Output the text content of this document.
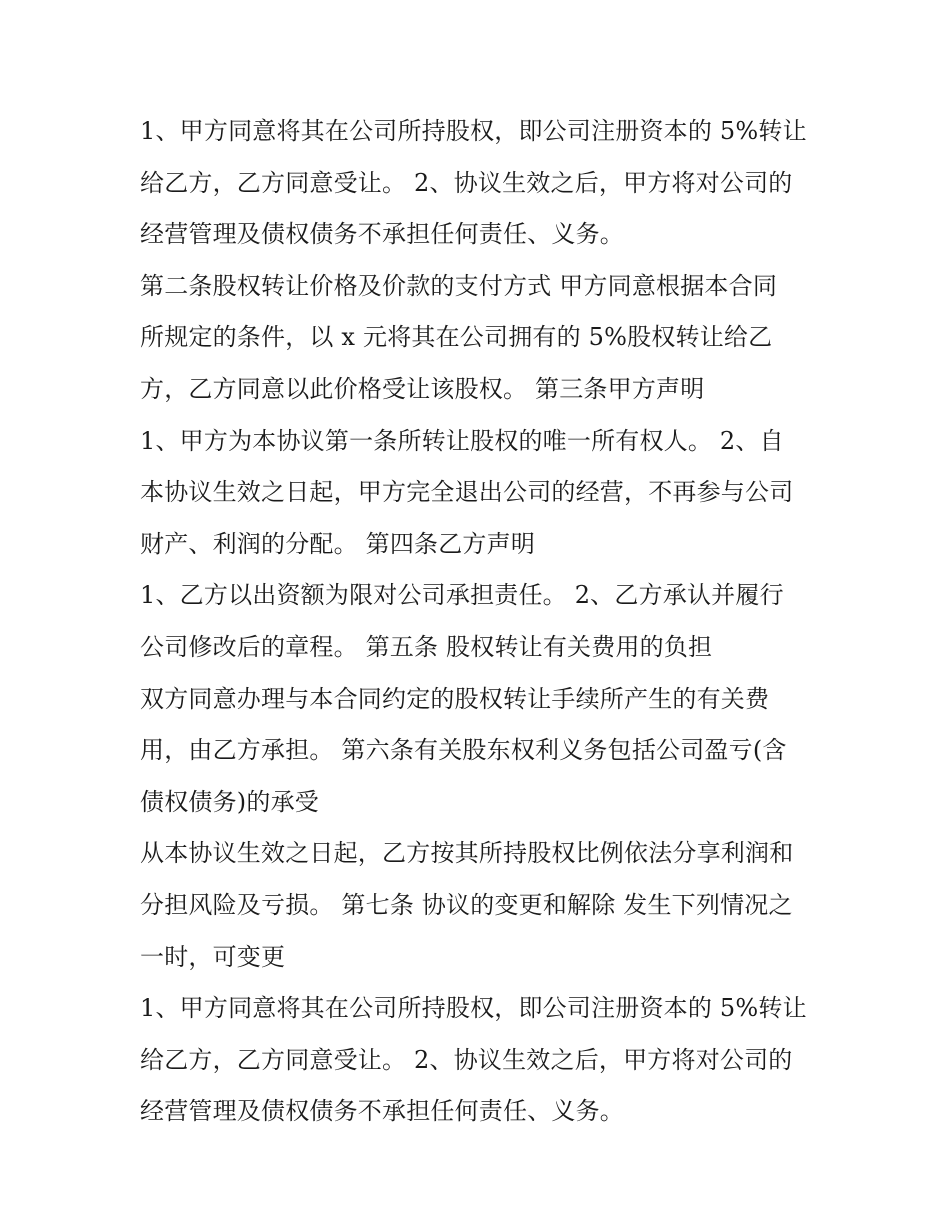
1、甲方同意将其在公司所持股权，即公司注册资本的 5%转让
给乙方，乙方同意受让。 2、协议生效之后，甲方将对公司的
经营管理及债权债务不承担任何责任、义务。
第二条股权转让价格及价款的支付方式 甲方同意根据本合同
所规定的条件，以 x 元将其在公司拥有的 5%股权转让给乙
方，乙方同意以此价格受让该股权。 第三条甲方声明
1、甲方为本协议第一条所转让股权的唯一所有权人。 2、自
本协议生效之日起，甲方完全退出公司的经营，不再参与公司
财产、利润的分配。 第四条乙方声明
1、乙方以出资额为限对公司承担责任。 2、乙方承认并履行
公司修改后的章程。 第五条 股权转让有关费用的负担
双方同意办理与本合同约定的股权转让手续所产生的有关费
用，由乙方承担。 第六条有关股东权利义务包括公司盈亏(含
债权债务)的承受
从本协议生效之日起，乙方按其所持股权比例依法分享利润和
分担风险及亏损。 第七条 协议的变更和解除 发生下列情况之
一时，可变更
1、甲方同意将其在公司所持股权，即公司注册资本的 5%转让
给乙方，乙方同意受让。 2、协议生效之后，甲方将对公司的
经营管理及债权债务不承担任何责任、义务。
